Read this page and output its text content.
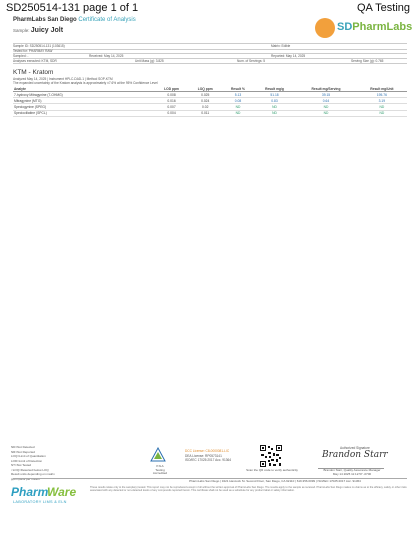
SD250514-131 page 1 of 1	QA Testing
PharmLabs San Diego Certificate of Analysis
Sample: Juicy Jolt	SDPharmLabs
Sample ID: SD250514-131 (103615)	Matrix: Edible
Tested for: PHARMAY RAW
Sampled: -	Received: May 14, 2025	Reported: May 14, 2025
Analyses executed: KTM, SDR	Unit Mass (g): 3.825	Num. of Servings: 5	Serving Size (g): 0.765
KTM - Kratom
Analyzed May 14, 2025 | Instrument HPLC-DAD-1 | Method SOP-KTM
The expanded uncertainty of the Kratom analysis is approximately ±7.6% at the 95% Confidence Level
Analyte	LOD ppm	LOQ ppm	Result %	Result mg/g	Result mg/Serving	Result mg/Unit
7-hydroxy Mitragynine (7-OHMG)	0.008	0.025	5.13	51.18	39.15	195.76
Mitragynine (MTG)	0.016	0.024	0.08	0.83	0.64	3.19
Speciogynine (SPEG)	0.007	0.02	ND	ND	ND	ND
Speciociliatine (SPCL)	0.004	0.011	ND	ND	ND	ND
ND=Not Detected
NR=Not Reported
LOQ=Limit of Quantitation
LOD=Limit of Detection
NT=Not Tested
<LOQ=Detected below LOQ
Result units depending on matrix
ppm=parts per million
Pharm
Ware
LABORATORY LIMS & ELN
PJLA
Testing
Accredited
DCC License: C8-0000081-LIC
DEA License: RP0573141
ISO/IEC 17025:2017 Acc. 91364
Scan the QR code to verify authenticity
Authorized Signature
Brandon Starr
Brandon Starr, Quality Assurance Manager
May 14 2025 11:12:57 -0700
PharmLabs San Diego | 3421 Hancock St. Second Floor, San Diego, CA 92110 | 619.356.0099 | ISO/IEC 17025:2017 Acc. 91364
These results relate only to the sample(s) tested. This report may not be reproduced except in full without the written approval of PharmLabs San Diego. The results apply to the sample as received. PharmLabs San Diego makes no claims as to the efficacy, safety or other risks associated with any detected or non-detected levels of any compounds reported herein. This certificate shall not be used as a substitute for any product label or safety information.
